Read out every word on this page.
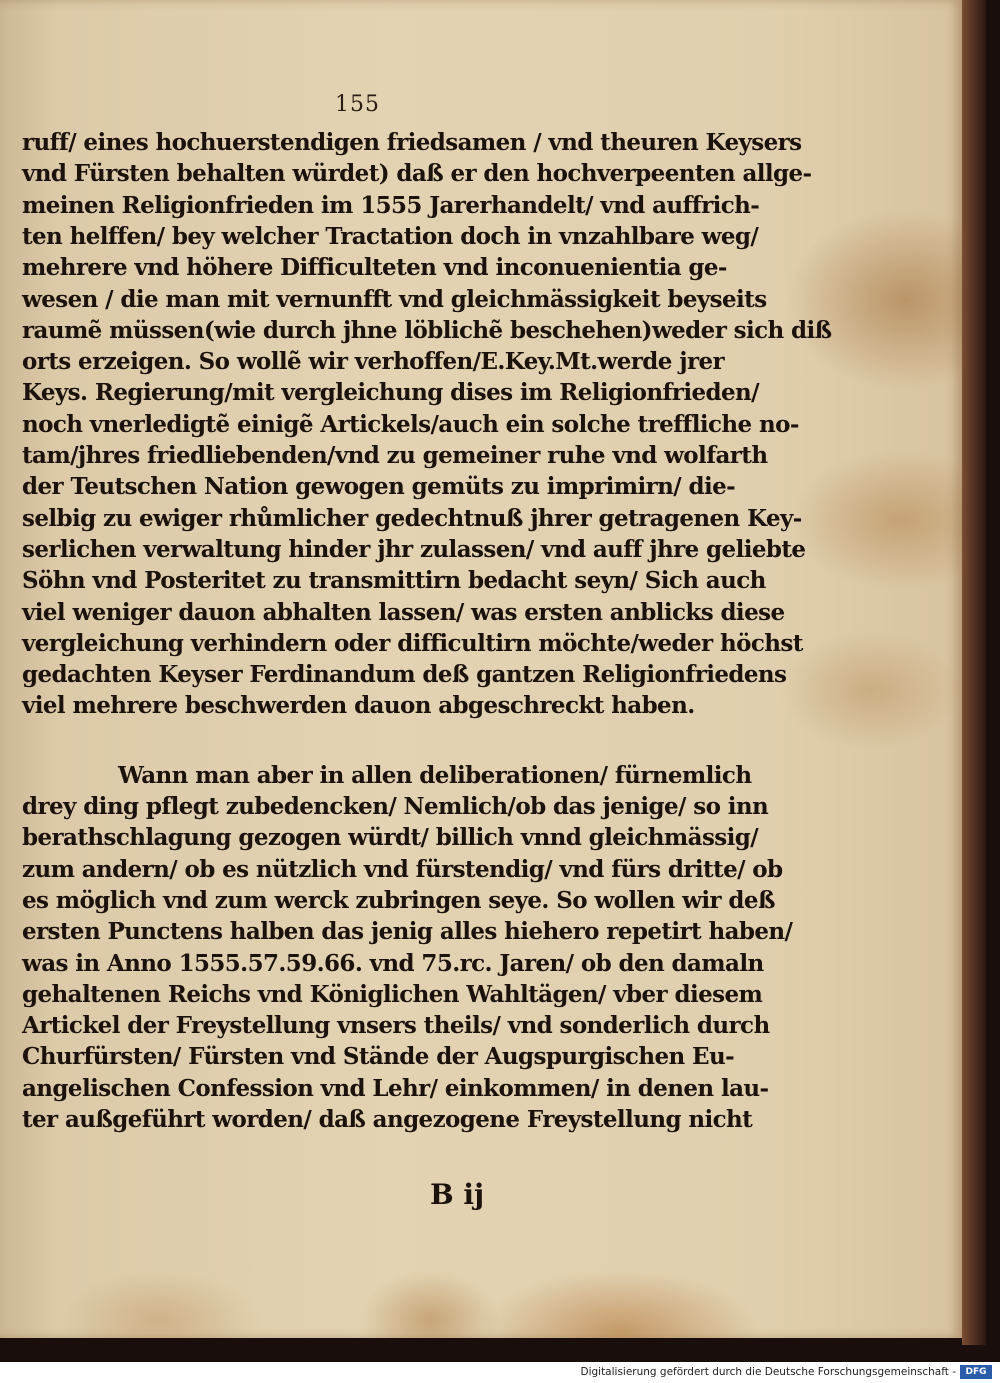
155
ruff/ eines hochuerstendigen friedsamen / vnd theuren Keysers
vnd Fürsten behalten würdet) daß er den hochverpeenten allge-
meinen Religionfrieden im 1555 Jarerhandelt/ vnd auffrich-
ten helffen/ bey welcher Tractation doch in vnzahlbare weg/
mehrere vnd höhere Difficulteten vnd inconuenientia ge-
wesen / die man mit vernunfft vnd gleichmässigkeit beyseits
raumẽ müssen(wie durch jhne löblichẽ beschehen)weder sich diß
orts erzeigen. So wollẽ wir verhoffen/E.Key.Mt.werde jrer
Keys. Regierung/mit vergleichung dises im Religionfrieden/
noch vnerledigtẽ einigẽ Artickels/auch ein solche treffliche no-
tam/jhres friedliebenden/vnd zu gemeiner ruhe vnd wolfarth
der Teutschen Nation gewogen gemüts zu imprimirn/ die-
selbig zu ewiger rhůmlicher gedechtnuß jhrer getragenen Key-
serlichen verwaltung hinder jhr zulassen/ vnd auff jhre geliebte
Söhn vnd Posteritet zu transmittirn bedacht seyn/ Sich auch
viel weniger dauon abhalten lassen/ was ersten anblicks diese
vergleichung verhindern oder difficultirn möchte/weder höchst
gedachten Keyser Ferdinandum deß gantzen Religionfriedens
viel mehrere beschwerden dauon abgeschreckt haben.
Wann man aber in allen deliberationen/ fürnemlich
drey ding pflegt zubedencken/ Nemlich/ob das jenige/ so inn
berathschlagung gezogen würdt/ billich vnnd gleichmässig/
zum andern/ ob es nützlich vnd fürstendig/ vnd fürs dritte/ ob
es möglich vnd zum werck zubringen seye. So wollen wir deß
ersten Punctens halben das jenig alles hiehero repetirt haben/
was in Anno 1555.57.59.66. vnd 75.rc. Jaren/ ob den damaln
gehaltenen Reichs vnd Königlichen Wahltägen/ vber diesem
Artickel der Freystellung vnsers theils/ vnd sonderlich durch
Churfürsten/ Fürsten vnd Stände der Augspurgischen Eu-
angelischen Confession vnd Lehr/ einkommen/ in denen lau-
ter außgeführt worden/ daß angezogene Freystellung nicht
B ij
Digitalisierung gefördert durch die Deutsche Forschungsgemeinschaft -	DFG
